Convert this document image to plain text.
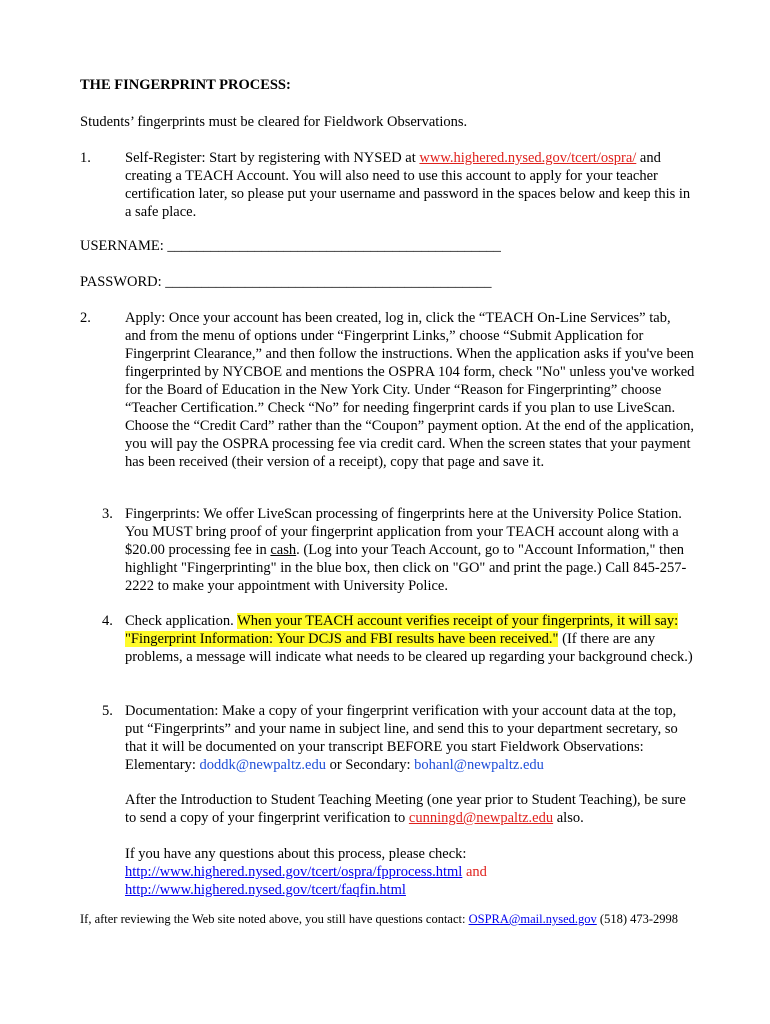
THE FINGERPRINT PROCESS:
Students’ fingerprints must be cleared for Fieldwork Observations.
1. Self-Register: Start by registering with NYSED at www.highered.nysed.gov/tcert/ospra/ and creating a TEACH Account. You will also need to use this account to apply for your teacher certification later, so please put your username and password in the spaces below and keep this in a safe place.
USERNAME: ______________________________________________
PASSWORD: _____________________________________________
2. Apply: Once your account has been created, log in, click the “TEACH On-Line Services” tab, and from the menu of options under “Fingerprint Links,” choose “Submit Application for Fingerprint Clearance,” and then follow the instructions. When the application asks if you've been fingerprinted by NYCBOE and mentions the OSPRA 104 form, check "No" unless you've worked for the Board of Education in the New York City. Under “Reason for Fingerprinting” choose “Teacher Certification.” Check “No” for needing fingerprint cards if you plan to use LiveScan. Choose the “Credit Card” rather than the “Coupon” payment option. At the end of the application, you will pay the OSPRA processing fee via credit card. When the screen states that your payment has been received (their version of a receipt), copy that page and save it.
3. Fingerprints: We offer LiveScan processing of fingerprints here at the University Police Station. You MUST bring proof of your fingerprint application from your TEACH account along with a $20.00 processing fee in cash. (Log into your Teach Account, go to "Account Information," then highlight "Fingerprinting" in the blue box, then click on "GO" and print the page.) Call 845-257-2222 to make your appointment with University Police.
4. Check application. When your TEACH account verifies receipt of your fingerprints, it will say: "Fingerprint Information: Your DCJS and FBI results have been received." (If there are any problems, a message will indicate what needs to be cleared up regarding your background check.)
5. Documentation: Make a copy of your fingerprint verification with your account data at the top, put “Fingerprints” and your name in subject line, and send this to your department secretary, so that it will be documented on your transcript BEFORE you start Fieldwork Observations: Elementary: doddk@newpaltz.edu or Secondary: bohanl@newpaltz.edu
After the Introduction to Student Teaching Meeting (one year prior to Student Teaching), be sure to send a copy of your fingerprint verification to cunningd@newpaltz.edu also.
If you have any questions about this process, please check:
http://www.highered.nysed.gov/tcert/ospra/fpprocess.html and
http://www.highered.nysed.gov/tcert/faqfin.html
If, after reviewing the Web site noted above, you still have questions contact: OSPRA@mail.nysed.gov (518) 473-2998
